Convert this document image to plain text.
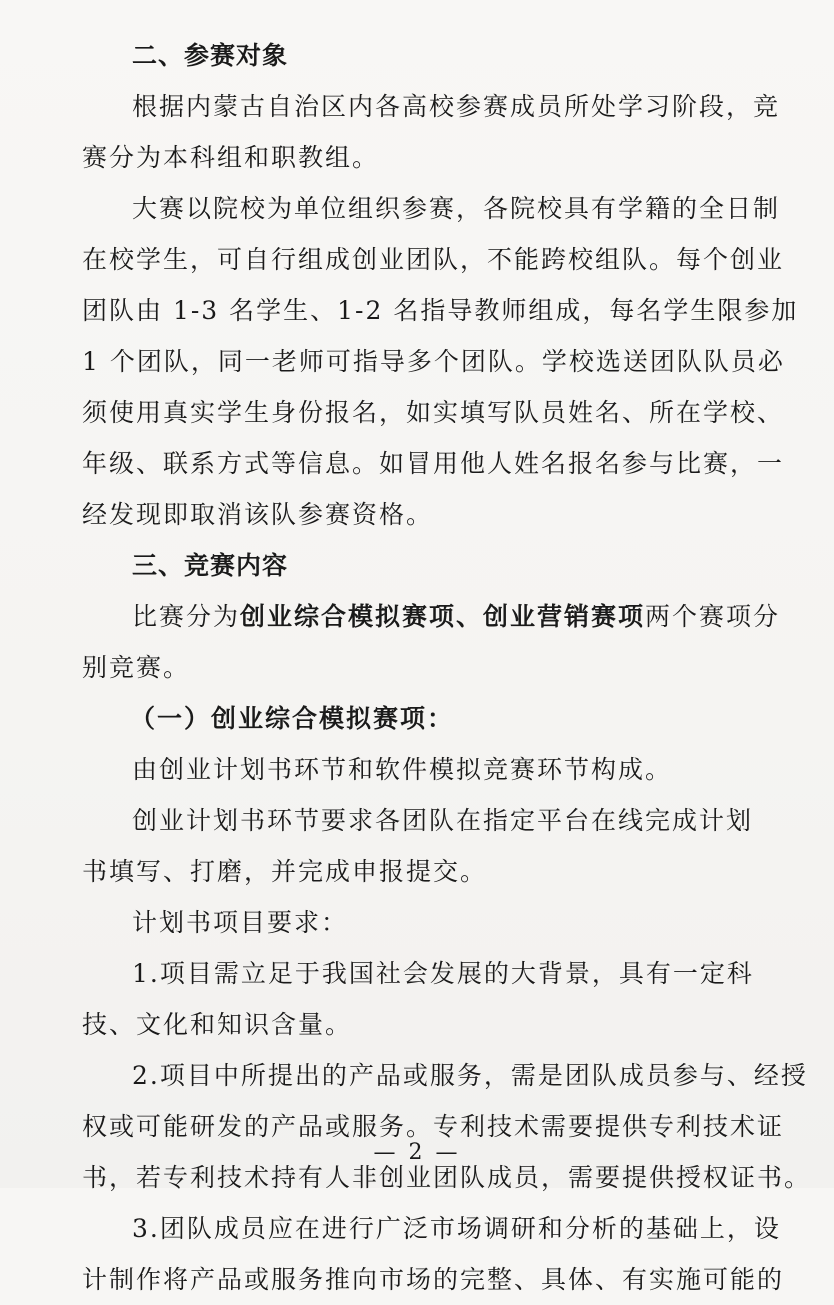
二、参赛对象
根据内蒙古自治区内各高校参赛成员所处学习阶段，竞
赛分为本科组和职教组。
大赛以院校为单位组织参赛，各院校具有学籍的全日制
在校学生，可自行组成创业团队，不能跨校组队。每个创业
团队由 1-3 名学生、1-2 名指导教师组成，每名学生限参加
1 个团队，同一老师可指导多个团队。学校选送团队队员必
须使用真实学生身份报名，如实填写队员姓名、所在学校、
年级、联系方式等信息。如冒用他人姓名报名参与比赛，一
经发现即取消该队参赛资格。
三、竞赛内容
比赛分为创业综合模拟赛项、创业营销赛项两个赛项分
别竞赛。
（一）创业综合模拟赛项：
由创业计划书环节和软件模拟竞赛环节构成。
创业计划书环节要求各团队在指定平台在线完成计划
书填写、打磨，并完成申报提交。
计划书项目要求：
1.项目需立足于我国社会发展的大背景，具有一定科
技、文化和知识含量。
2.项目中所提出的产品或服务，需是团队成员参与、经授
权或可能研发的产品或服务。专利技术需要提供专利技术证
书，若专利技术持有人非创业团队成员，需要提供授权证书。
3.团队成员应在进行广泛市场调研和分析的基础上，设
计制作将产品或服务推向市场的完整、具体、有实施可能的
— 2 —
